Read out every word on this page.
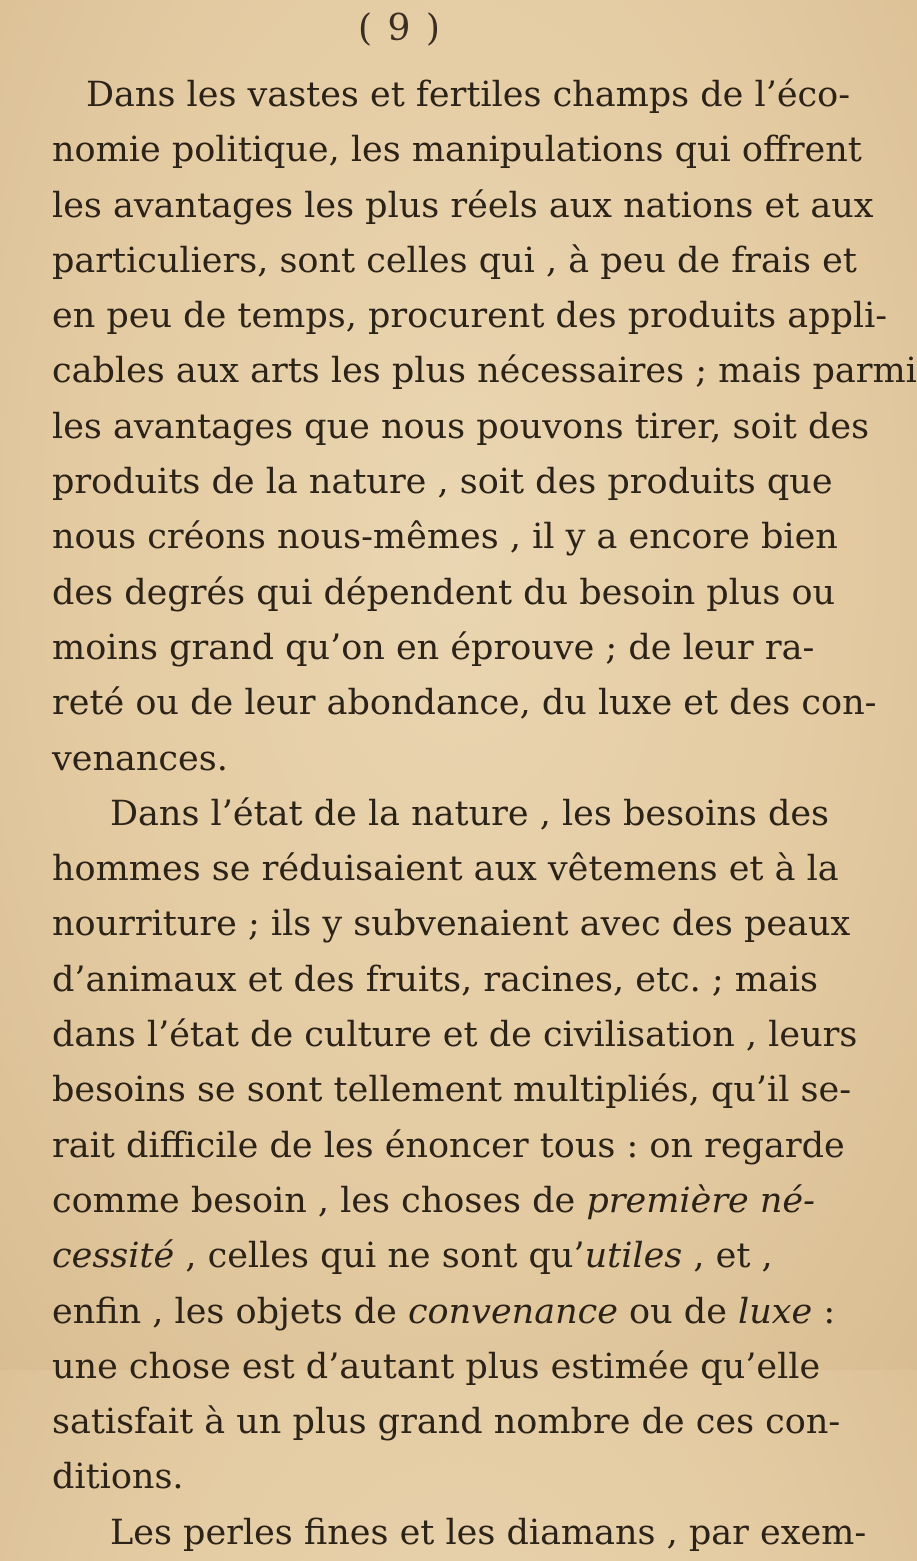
( 9 )

Dans les vastes et fertiles champs de l’éco-
nomie politique, les manipulations qui offrent
les avantages les plus réels aux nations et aux
particuliers, sont celles qui , à peu de frais et
en peu de temps, procurent des produits appli-
cables aux arts les plus nécessaires ; mais parmi
les avantages que nous pouvons tirer, soit des
produits de la nature , soit des produits que
nous créons nous-mêmes , il y a encore bien
des degrés qui dépendent du besoin plus ou
moins grand qu’on en éprouve ; de leur ra-
reté ou de leur abondance, du luxe et des con-
venances.

Dans l’état de la nature , les besoins des
hommes se réduisaient aux vêtemens et à la
nourriture ; ils y subvenaient avec des peaux
d’animaux et des fruits, racines, etc. ; mais
dans l’état de culture et de civilisation , leurs
besoins se sont tellement multipliés, qu’il se-
rait difficile de les énoncer tous : on regarde
comme besoin , les choses de première né-
cessité , celles qui ne sont qu’utiles , et ,
enfin , les objets de convenance ou de luxe :
une chose est d’autant plus estimée qu’elle
satisfait à un plus grand nombre de ces con-
ditions.

Les perles fines et les diamans , par exem-
